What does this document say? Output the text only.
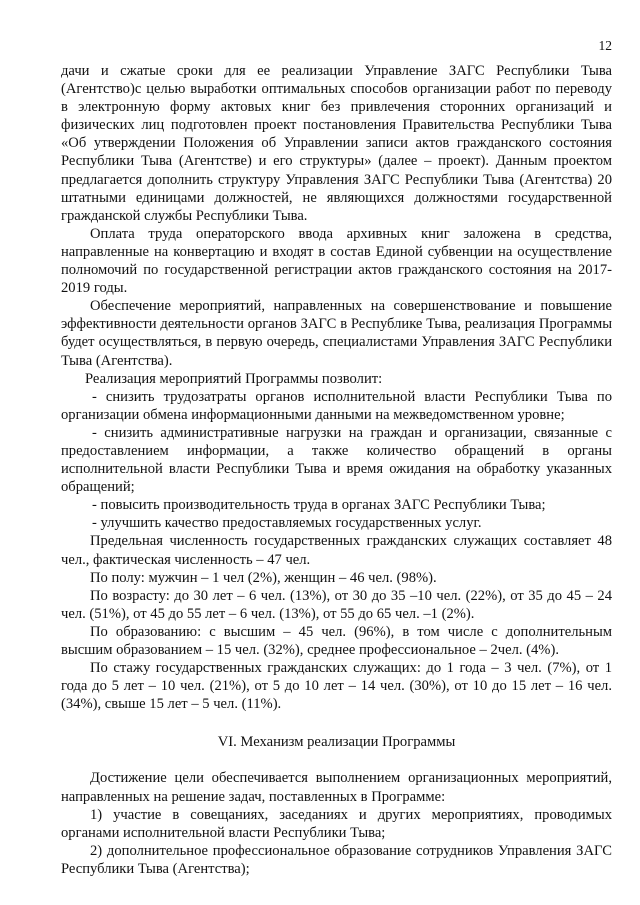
12

дачи и сжатые сроки для ее реализации Управление ЗАГС Республики Тыва (Агентство)с целью выработки оптимальных способов организации работ по переводу в электронную форму актовых книг без привлечения сторонних организаций и физических лиц подготовлен проект постановления Правительства Республики Тыва «Об утверждении Положения об Управлении записи актов гражданского состояния Республики Тыва (Агентстве) и его структуры» (далее – проект). Данным проектом предлагается дополнить структуру Управления ЗАГС Республики Тыва (Агентства) 20 штатными единицами должностей, не являющихся должностями государственной гражданской службы Республики Тыва.

Оплата труда операторского ввода архивных книг заложена в средства, направленные на конвертацию и входят в состав Единой субвенции на осуществление полномочий по государственной регистрации актов гражданского состояния на 2017-2019 годы.

Обеспечение мероприятий, направленных на совершенствование и повышение эффективности деятельности органов ЗАГС в Республике Тыва, реализация Программы будет осуществляться, в первую очередь, специалистами Управления ЗАГС Республики Тыва (Агентства).

Реализация мероприятий Программы позволит:

- снизить трудозатраты органов исполнительной власти Республики Тыва по организации обмена информационными данными на межведомственном уровне;

- снизить административные нагрузки на граждан и организации, связанные с предоставлением информации, а также количество обращений в органы исполнительной власти Республики Тыва и время ожидания на обработку указанных обращений;

- повысить производительность труда в органах ЗАГС Республики Тыва;

- улучшить качество предоставляемых государственных услуг.

Предельная численность государственных гражданских служащих составляет 48 чел., фактическая численность – 47 чел.

По полу: мужчин – 1 чел (2%), женщин – 46 чел. (98%).

По возрасту: до 30 лет – 6 чел. (13%), от 30 до 35 –10 чел. (22%), от 35 до 45 – 24 чел. (51%), от 45 до 55 лет – 6 чел. (13%), от 55 до 65 чел. –1 (2%).

По образованию: с высшим – 45 чел. (96%), в том числе с дополнительным высшим образованием – 15 чел. (32%), среднее профессиональное – 2чел. (4%).

По стажу государственных гражданских служащих: до 1 года – 3 чел. (7%), от 1 года до 5 лет – 10 чел. (21%), от 5 до 10 лет – 14 чел. (30%), от 10 до 15 лет – 16 чел. (34%), свыше 15 лет – 5 чел. (11%).

VI. Механизм реализации Программы

Достижение цели обеспечивается выполнением организационных мероприятий, направленных на решение задач, поставленных в Программе:

1) участие в совещаниях, заседаниях и других мероприятиях, проводимых органами исполнительной власти Республики Тыва;

2) дополнительное профессиональное образование сотрудников Управления ЗАГС Республики Тыва (Агентства);
